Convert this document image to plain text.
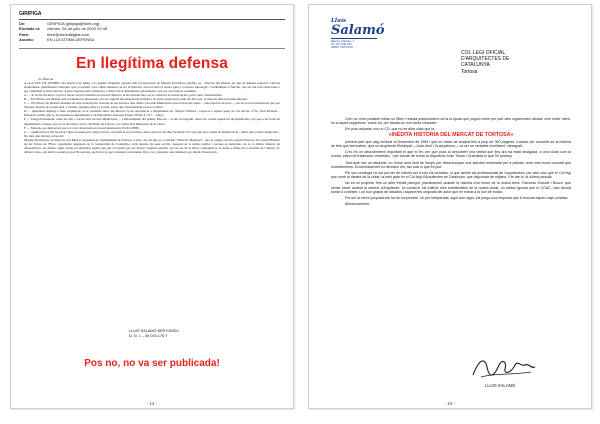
GIRIPIGA
De:	GIRIPIGA [giripiga@tinet.org]
Enviado el:	viernes, 04 de julio de 2003 20:48
Para:	ebre@elmeddigital.com
Asunto:	EN LLEGÍTIMA DEFENSA
En llegítima defensa

Sr. Director

A «LA VEU DE L'EBRE» del passat 9 de Maig, a la pàgina d'Opinió, apareix una col·laboració de Massip Foncillosa, jubilat, ex - director del Museu, en què de manera especial i directa m'anomena, manifestant d'entrada 'que ja tornem a les velles maneres de fer la història, d'acord amb el nostre gust o la nostra ideologia'. Cordialment el felicito, per ser tan bon observador i per confirmar la meva litació. Apart d'aquest petit comentari, voldria fer-li determinats aclariments, que per raó d'espai, resumiré:

A — Jo no he dit mai a cap lloc haver escrit la història del nostre Mercat; la he trobada feta, on es conserva el nostre Arxiu, pura, neta i immaculada.

B — Els llibres que Massip em recomana no interessen, per ser aquells una interpretació lliure i no gens respectuosa amb els fets que, la majoria dels tortosins ignoren.

C — Els llibres de història deurien ser una transcripció clavada de les notícies dels diaris i Acords Municipals que tracten del tema, —una especie de porc— per als lectors interessats que per diverses motius no poden anar a l'Arxiu, puguen saber la veritat, sense que l'intermediari pose la cullera.

D — Qüestiona Massip a base d'opinions, si el veritable autor del Mercat va ser Arquitecte o simplement un "Mestre d'Obres", respecte a aquest punt, no cal tractar, el Sr. Joan Pallarès – Personal, millor que jo, ho manifesta ampliament a un historiador desposat (Veure l'Estel nº 317 – Juny).

E — Desgraciadament, saber els fets a través dels Acords Municipals — l'enfonsament del primer Mercat— es del tot negatiu, doncs no consta aquell fet incjustificable, per que a les fonts en Ajuntament corrupte que es va decantar a favor del Banc de Tortosa, en contra dels interessos de la ciutat.

F — Massip, per demostrar que te la raó, menciona un Acord inexistent (18-XI-1888).

G — Quina mosca l'hi ha picat? Que un qualsevol s'hagi atrevit a invadir el seu territori, atesa reservat als intel·lectuals? No veu que eixo estem en Democràcia... Molt mes podria afegir-me... No mes una darrera aclaració:

Massip Foncillosa, ex Director del Museu, depenent de l'Ajuntament de Tortosa, a mes, des de que es va jubilar "Director Honorari", que jo sàpiga, mai ha seguit Director del Arxiu Històric de les Terres de l'Ebre, organisme depenent de la Generalitat de Catalunya, com alguna als seus escrits. Aquests es la petita realitat i perque es menysne, no es la millor manera de desqualificar als demés. Quin crèdit pot merèixer aquell que ens vol donar gat per llebre? Aquesta qüestió, per no ser de la meva competència, la deixo a mans del Conseller de Cultura, Sr. Albert Curto, qui amb la autoritat que l'hi pertany, podrà fer lo que consideri convenient, fins i tot, presentar una denuncia per intent d'usurpació.

LLUIS SALAMÓ BERTOMEU
D. N. I. – 40.015.176 Y
Pos no, no va ser publicada!
- 14 -
Lluís
Salamó
Ramon Cabrera, 1
Tel. 977 445 212
43500 TORTOSA
COL·LEGI OFICIAL
D'ARQUITECTES DE
CATALUNYA
Tortosa

Com no m'és possible editar un llibre i resulta pràcticament nul·la la ajuda que puguin rebre per part dels organismes oficials, crec millor oferir-ho a aquell organisme, sobre tot, per tractar-se d'un tema vinculant.

Em plau adjuntar-vos un CD, que no es altra cosa que la

«INÈDITA HISTÒRIA DEL MERCAT DE TORTOSA»

primera part que vaig enllestir al Desembre de 1995 i que en haver-se ampliat fins a prop de 300 pàgines, s'acaba per convertir-se la història de fets que demostren, que un Arquitecte Municipal —Joan Abril i Guanyabens— va ser un veritable receltitant i desagraït.

Crec és un descobriment important el que el fet, per que posa al descobert una veritat que fins ara ha estat amagada, a una ciutat com la nostra, plena de tradicions i mentides. I per tractar de tornar al Arquitecte Joan Torras i Guardiola lo que l'hi pertany.

Tant acte sóc un aficionat, un home amb molt de temps per desenvolupar una activitat reservada per a jubilats, amb mes bona voluntat que coneixements. Econòmicament no demano res, tan sols lo que és just.

Pel seu contingut no sol pot ser de interès per a tots els tortosins, si que també als professionals de l'arquitectura, per això crec que el Col·legi que corre al davant de la ciutat, la més gran és el Col·legi d'Arquitectes de Catalunya, que disposarà de mitjans, li fe dar-lo, si ultima paraula.

No es un projecte, fins un altre treball paregut, pràcticament acabat: la història d'un home de la nostra terra: Francesc Escudé i Bosch, que sense haver acabat la carrera d'Arquitecte, va construir els edificis mes emblemàtics de la nostra ciutat, un artista ignorat que el COAC, crec deuria donar a conèixer. I un bon grapat de dibuixos i aquarel·les originals del autor que he trobat a la sort de trobar.

Pot ser la meva proposta els ha de sorprendre, no per inesperada; sigui com sigui, els prego una resposta que il·lusionat espero aquí positiva.

Afectuosament,

LLUIS SALAMÓ
- 15 -
